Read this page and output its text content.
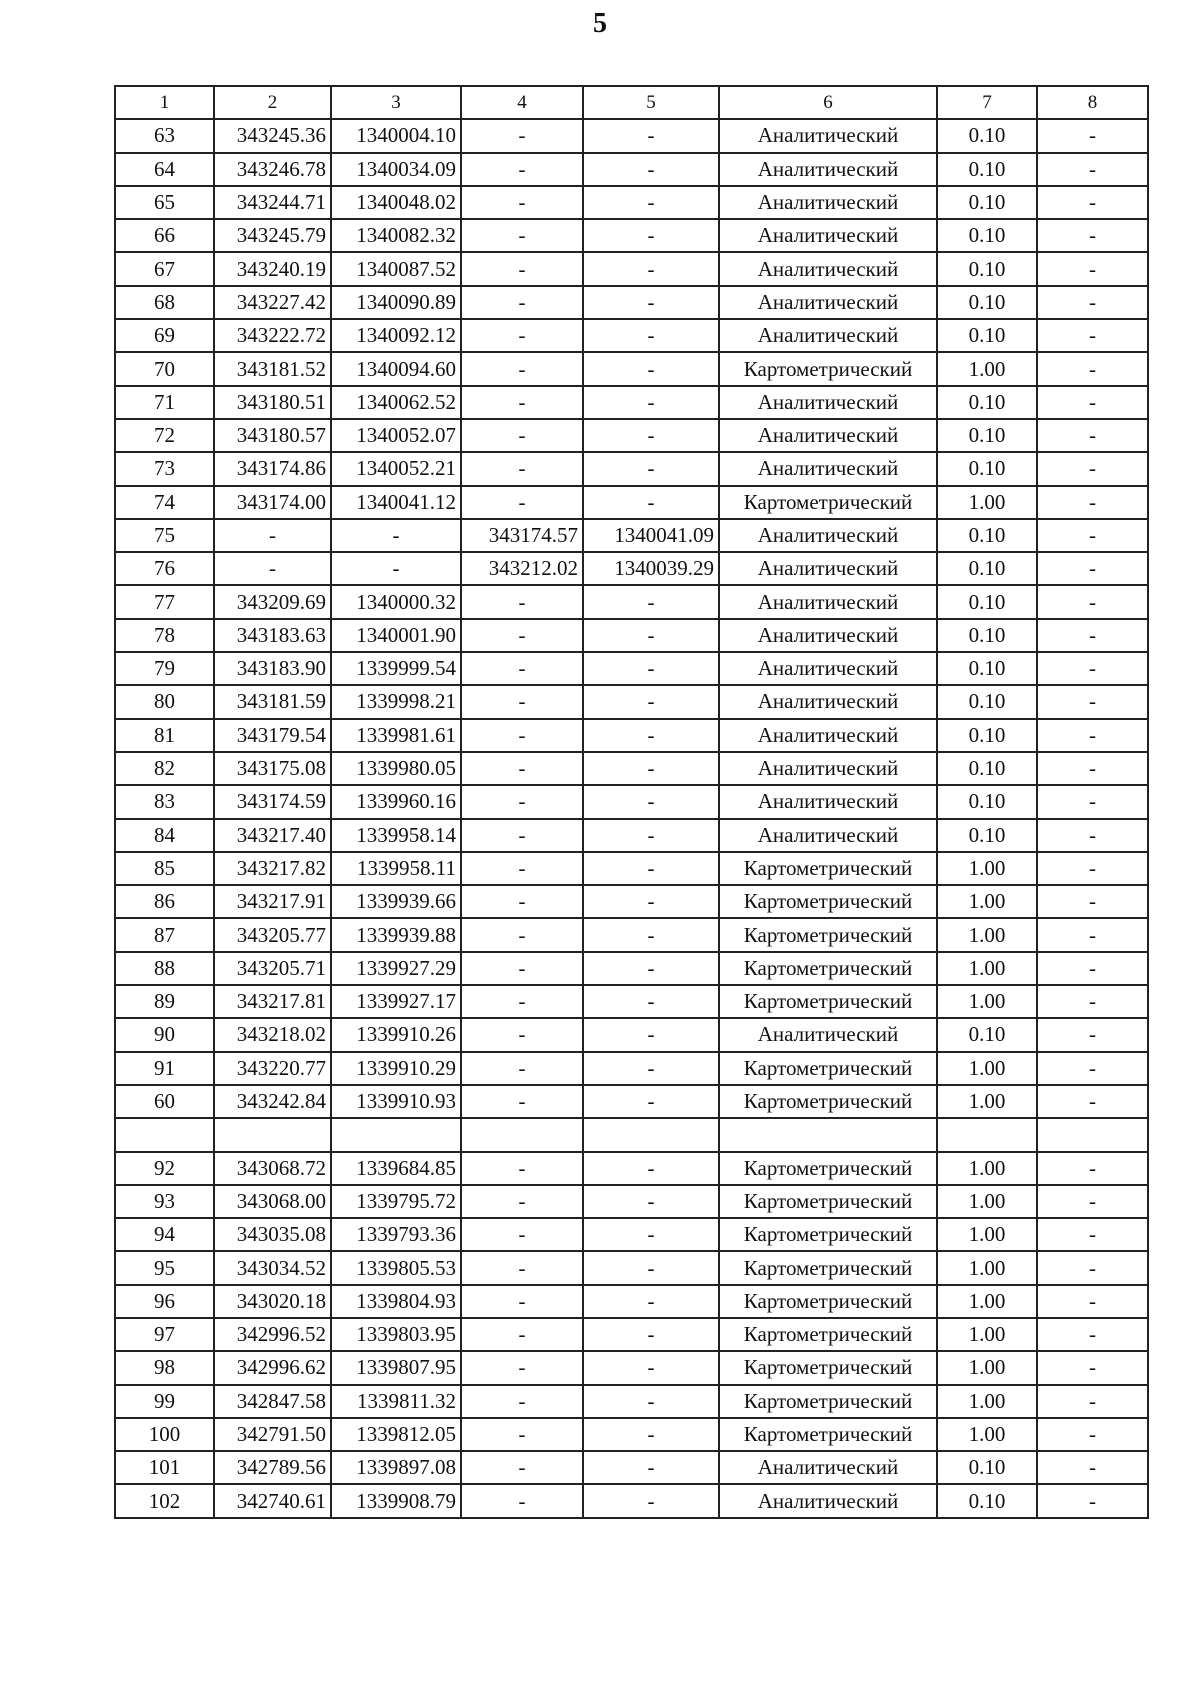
5
1	2	3	4	5	6	7	8
63	343245.36	1340004.10	-	-	Аналитический	0.10	-
64	343246.78	1340034.09	-	-	Аналитический	0.10	-
65	343244.71	1340048.02	-	-	Аналитический	0.10	-
66	343245.79	1340082.32	-	-	Аналитический	0.10	-
67	343240.19	1340087.52	-	-	Аналитический	0.10	-
68	343227.42	1340090.89	-	-	Аналитический	0.10	-
69	343222.72	1340092.12	-	-	Аналитический	0.10	-
70	343181.52	1340094.60	-	-	Картометрический	1.00	-
71	343180.51	1340062.52	-	-	Аналитический	0.10	-
72	343180.57	1340052.07	-	-	Аналитический	0.10	-
73	343174.86	1340052.21	-	-	Аналитический	0.10	-
74	343174.00	1340041.12	-	-	Картометрический	1.00	-
75	-	-	343174.57	1340041.09	Аналитический	0.10	-
76	-	-	343212.02	1340039.29	Аналитический	0.10	-
77	343209.69	1340000.32	-	-	Аналитический	0.10	-
78	343183.63	1340001.90	-	-	Аналитический	0.10	-
79	343183.90	1339999.54	-	-	Аналитический	0.10	-
80	343181.59	1339998.21	-	-	Аналитический	0.10	-
81	343179.54	1339981.61	-	-	Аналитический	0.10	-
82	343175.08	1339980.05	-	-	Аналитический	0.10	-
83	343174.59	1339960.16	-	-	Аналитический	0.10	-
84	343217.40	1339958.14	-	-	Аналитический	0.10	-
85	343217.82	1339958.11	-	-	Картометрический	1.00	-
86	343217.91	1339939.66	-	-	Картометрический	1.00	-
87	343205.77	1339939.88	-	-	Картометрический	1.00	-
88	343205.71	1339927.29	-	-	Картометрический	1.00	-
89	343217.81	1339927.17	-	-	Картометрический	1.00	-
90	343218.02	1339910.26	-	-	Аналитический	0.10	-
91	343220.77	1339910.29	-	-	Картометрический	1.00	-
60	343242.84	1339910.93	-	-	Картометрический	1.00	-

92	343068.72	1339684.85	-	-	Картометрический	1.00	-
93	343068.00	1339795.72	-	-	Картометрический	1.00	-
94	343035.08	1339793.36	-	-	Картометрический	1.00	-
95	343034.52	1339805.53	-	-	Картометрический	1.00	-
96	343020.18	1339804.93	-	-	Картометрический	1.00	-
97	342996.52	1339803.95	-	-	Картометрический	1.00	-
98	342996.62	1339807.95	-	-	Картометрический	1.00	-
99	342847.58	1339811.32	-	-	Картометрический	1.00	-
100	342791.50	1339812.05	-	-	Картометрический	1.00	-
101	342789.56	1339897.08	-	-	Аналитический	0.10	-
102	342740.61	1339908.79	-	-	Аналитический	0.10	-
